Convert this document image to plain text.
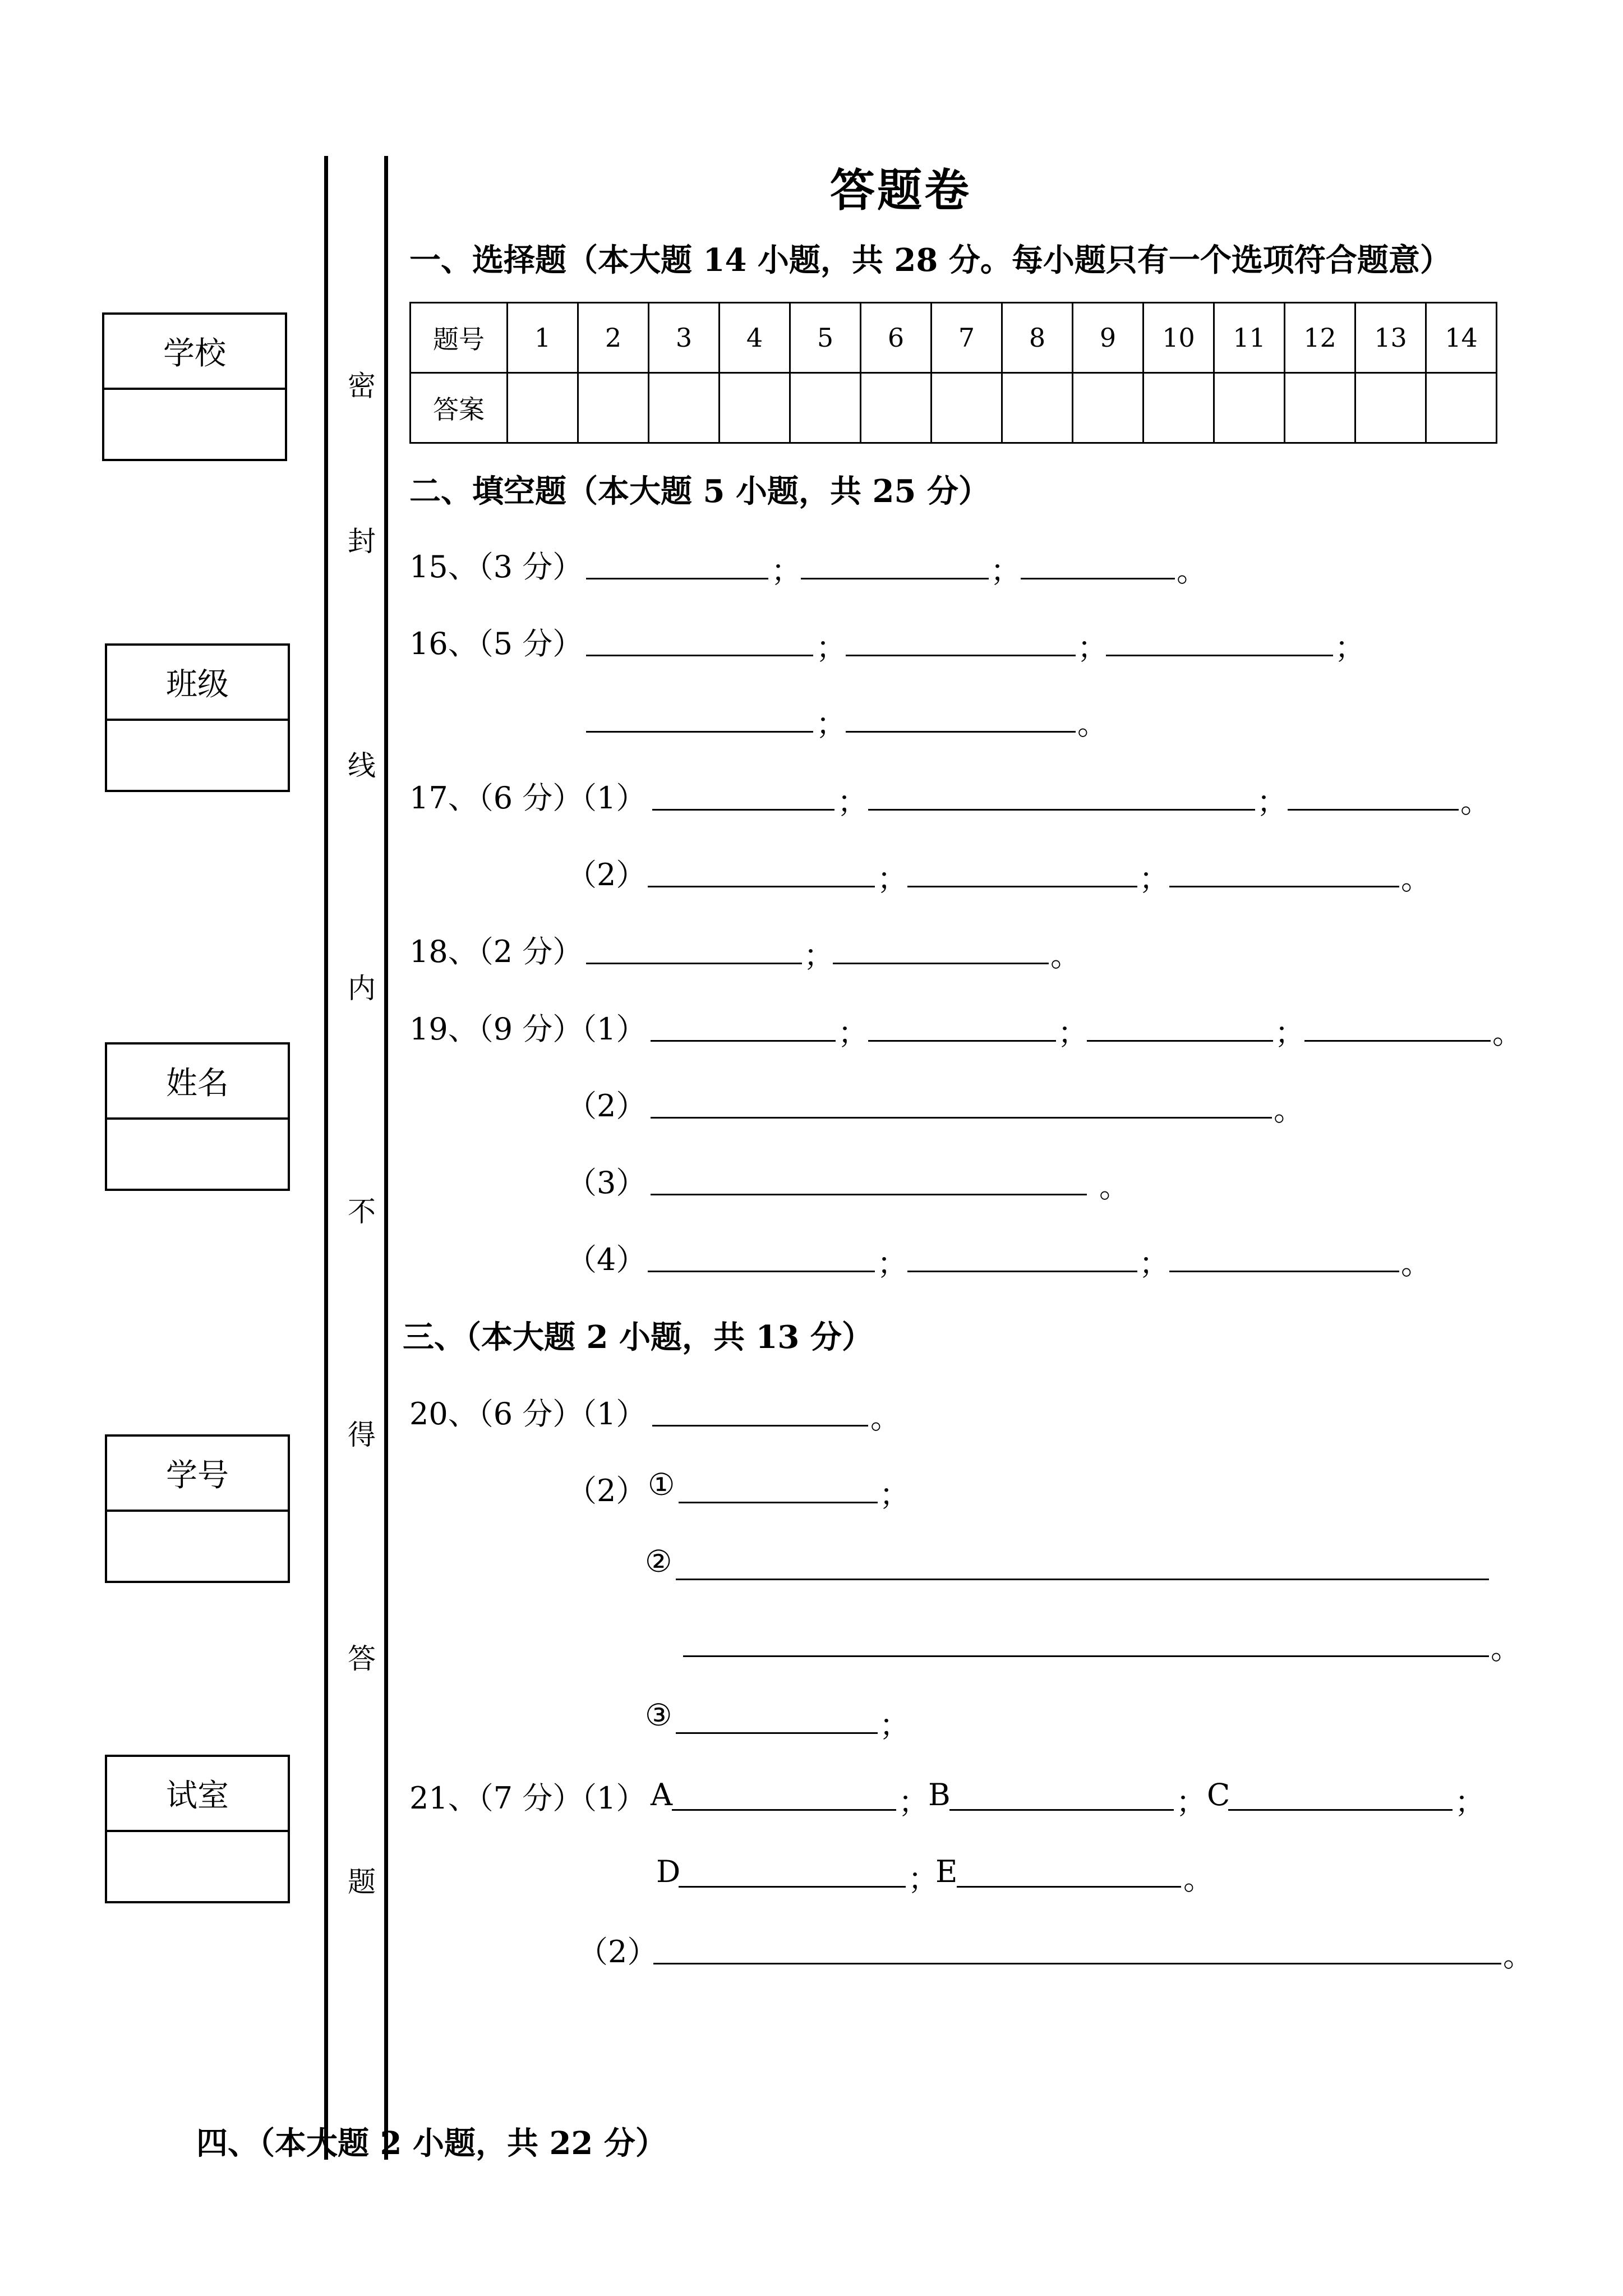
学校
班级
姓名
学号
试室
密
封
线
内
不
得
答
题
答题卷
一、选择题（本大题 14 小题，共 28 分。每小题只有一个选项符合题意）
题号	1	2	3	4	5	6	7	8	9	10	11	12	13	14
答案														
二、填空题（本大题 5 小题，共 25 分）
15、（3 分）	；	；	。
16、（5 分）	；	；	；
；	。
17、（6 分）
（1）	；	；	。
（2）	；	；	。
18、（2 分）	；	。
19、（9 分）
（1）	；	；	；	。
（2）	。
（3）	。
（4）	；	；	。
三、（本大题 2 小题，共 13 分）
20、（6 分）
（1）	。
（2） ①	；
②
。
③	；
21、（7 分）
（1） A	； B	； C	；
D	；
E	。
（2）	。
四、（本大题 2 小题，共 22 分）
